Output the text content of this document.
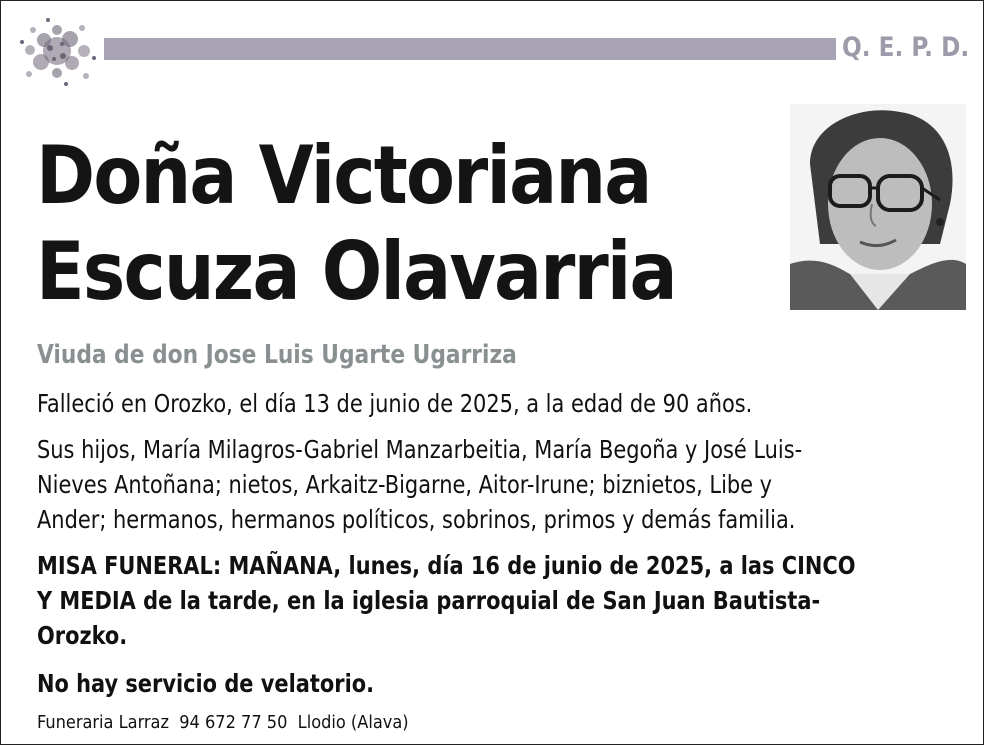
Q. E. P. D.
Doña Victoriana
Escuza Olavarria
Viuda de don Jose Luis Ugarte Ugarriza
Falleció en Orozko, el día 13 de junio de 2025, a la edad de 90 años.
Sus hijos, María Milagros-Gabriel Manzarbeitia, María Begoña y José Luis-
Nieves Antoñana; nietos, Arkaitz-Bigarne, Aitor-Irune; biznietos, Libe y
Ander; hermanos, hermanos políticos, sobrinos, primos y demás familia.
MISA FUNERAL: MAÑANA, lunes, día 16 de junio de 2025, a las CINCO
Y MEDIA de la tarde, en la iglesia parroquial de San Juan Bautista-
Orozko.
No hay servicio de velatorio.
Funeraria Larraz  94 672 77 50  Llodio (Alava)
